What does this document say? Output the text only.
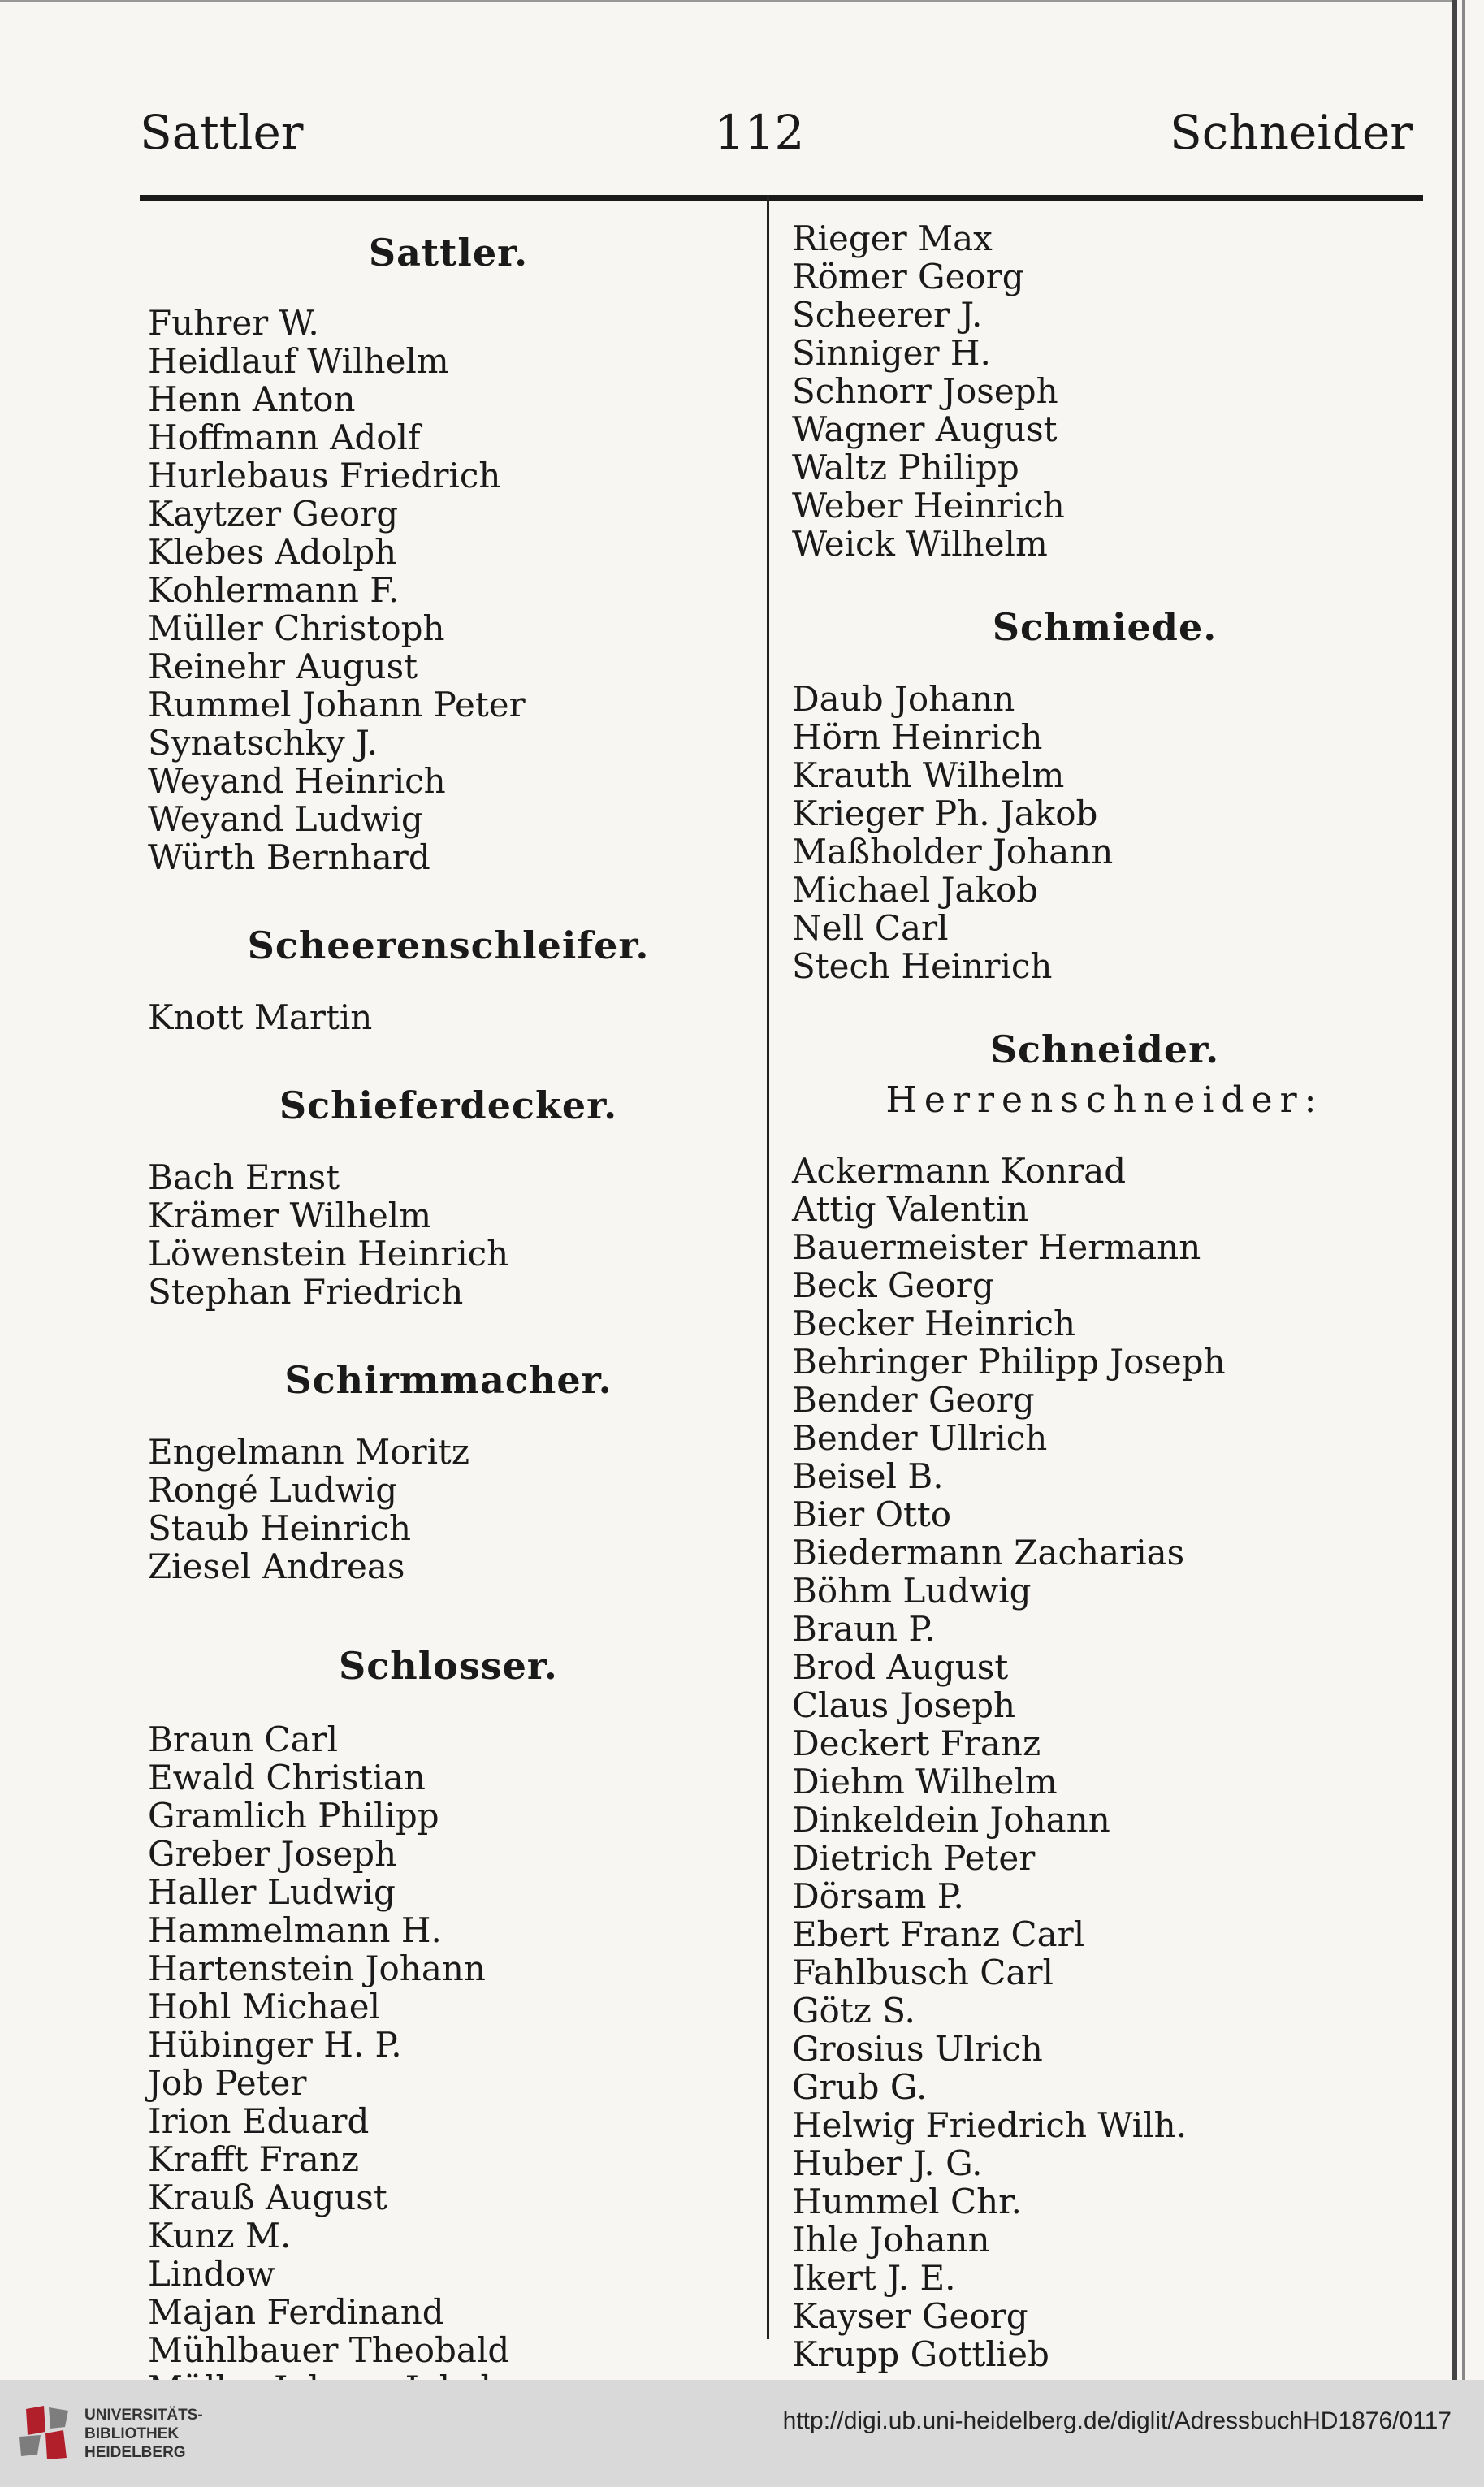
Sattler	112	Schneider
Sattler.
Fuhrer W.
Heidlauf Wilhelm
Henn Anton
Hoffmann Adolf
Hurlebaus Friedrich
Kaytzer Georg
Klebes Adolph
Kohlermann F.
Müller Christoph
Reinehr August
Rummel Johann Peter
Synatschky J.
Weyand Heinrich
Weyand Ludwig
Würth Bernhard
Scheerenschleifer.
Knott Martin
Schieferdecker.
Bach Ernst
Krämer Wilhelm
Löwenstein Heinrich
Stephan Friedrich
Schirmmacher.
Engelmann Moritz
Rongé Ludwig
Staub Heinrich
Ziesel Andreas
Schlosser.
Braun Carl
Ewald Christian
Gramlich Philipp
Greber Joseph
Haller Ludwig
Hammelmann H.
Hartenstein Johann
Hohl Michael
Hübinger H. P.
Job Peter
Irion Eduard
Krafft Franz
Krauß August
Kunz M.
Lindow
Majan Ferdinand
Mühlbauer Theobald
Rieger Max
Römer Georg
Scheerer J.
Sinniger H.
Schnorr Joseph
Wagner August
Waltz Philipp
Weber Heinrich
Weick Wilhelm
Schmiede.
Daub Johann
Hörn Heinrich
Krauth Wilhelm
Krieger Ph. Jakob
Maßholder Johann
Michael Jakob
Nell Carl
Stech Heinrich
Schneider.
Herrenschneider:
Ackermann Konrad
Attig Valentin
Bauermeister Hermann
Beck Georg
Becker Heinrich
Behringer Philipp Joseph
Bender Georg
Bender Ullrich
Beisel B.
Bier Otto
Biedermann Zacharias
Böhm Ludwig
Braun P.
Brod August
Claus Joseph
Deckert Franz
Diehm Wilhelm
Dinkeldein Johann
Dietrich Peter
Dörsam P.
Ebert Franz Carl
Fahlbusch Carl
Götz S.
Grosius Ulrich
Grub G.
Helwig Friedrich Wilh.
Huber J. G.
Hummel Chr.
Ihle Johann
Ikert J. E.
Kayser Georg
Krupp Gottlieb
UNIVERSITÄTS-
BIBLIOTHEK
HEIDELBERG
http://digi.ub.uni-heidelberg.de/diglit/AdressbuchHD1876/0117
